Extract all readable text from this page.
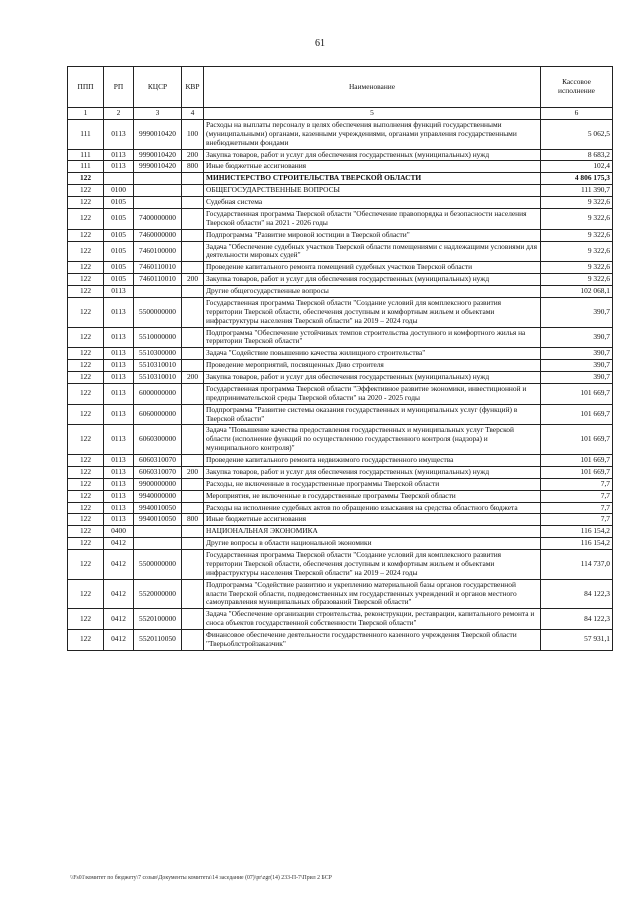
61
ППП	РП	КЦСР	КВР	Наименование	Кассовое исполнение
1	2	3	4	5	6
111	0113	9990010420	100	Расходы на выплаты персоналу в целях обеспечения выполнения функций государственными (муниципальными) органами, казенными учреждениями, органами управления государственными внебюджетными фондами	5 062,5
111	0113	9990010420	200	Закупка товаров, работ и услуг для обеспечения государственных (муниципальных) нужд	8 683,2
111	0113	9990010420	800	Иные бюджетные ассигнования	102,4
122				МИНИСТЕРСТВО СТРОИТЕЛЬСТВА ТВЕРСКОЙ ОБЛАСТИ	4 806 175,3
122	0100			ОБЩЕГОСУДАРСТВЕННЫЕ ВОПРОСЫ	111 390,7
122	0105			Судебная система	9 322,6
122	0105	7400000000		Государственная программа Тверской области "Обеспечение правопорядка и безопасности населения Тверской области" на 2021 - 2026 годы	9 322,6
122	0105	7460000000		Подпрограмма "Развитие мировой юстиции в Тверской области"	9 322,6
122	0105	7460100000		Задача "Обеспечение судебных участков Тверской области помещениями с надлежащими условиями для деятельности мировых судей"	9 322,6
122	0105	7460110010		Проведение капитального ремонта помещений судебных участков Тверской области	9 322,6
122	0105	7460110010	200	Закупка товаров, работ и услуг для обеспечения государственных (муниципальных) нужд	9 322,6
122	0113			Другие общегосударственные вопросы	102 068,1
122	0113	5500000000		Государственная программа Тверской области "Создание условий для комплексного развития территории Тверской области, обеспечения доступным и комфортным жильем и объектами инфраструктуры населения Тверской области" на 2019 – 2024 годы	390,7
122	0113	5510000000		Подпрограмма "Обеспечение устойчивых темпов строительства доступного и комфортного жилья на территории Тверской области"	390,7
122	0113	5510300000		Задача "Содействие повышению качества жилищного строительства"	390,7
122	0113	5510310010		Проведение мероприятий, посвященных Дню строителя	390,7
122	0113	5510310010	200	Закупка товаров, работ и услуг для обеспечения государственных (муниципальных) нужд	390,7
122	0113	6000000000		Государственная программа Тверской области "Эффективное развитие экономики, инвестиционной и предпринимательской среды Тверской области" на 2020 - 2025 годы	101 669,7
122	0113	6060000000		Подпрограмма "Развитие системы оказания государственных и муниципальных услуг (функций) в Тверской области"	101 669,7
122	0113	6060300000		Задача "Повышение качества предоставления государственных и муниципальных услуг Тверской области (исполнение функций по осуществлению государственного контроля (надзора) и муниципального контроля)"	101 669,7
122	0113	6060310070		Проведение капитального ремонта недвижимого государственного имущества	101 669,7
122	0113	6060310070	200	Закупка товаров, работ и услуг для обеспечения государственных (муниципальных) нужд	101 669,7
122	0113	9900000000		Расходы, не включенные в государственные программы Тверской области	7,7
122	0113	9940000000		Мероприятия, не включенные в государственные программы Тверской области	7,7
122	0113	9940010050		Расходы на исполнение судебных актов по обращению взыскания на средства областного бюджета	7,7
122	0113	9940010050	800	Иные бюджетные ассигнования	7,7
122	0400			НАЦИОНАЛЬНАЯ ЭКОНОМИКА	116 154,2
122	0412			Другие вопросы в области национальной экономики	116 154,2
122	0412	5500000000		Государственная программа Тверской области "Создание условий для комплексного развития территории Тверской области, обеспечения доступным и комфортным жильем и объектами инфраструктуры населения Тверской области" на 2019 – 2024 годы	114 737,0
122	0412	5520000000		Подпрограмма "Содействие развитию и укреплению материальной базы органов государственной власти Тверской области, подведомственных им государственных учреждений и органов местного самоуправления муниципальных образований Тверской области"	84 122,3
122	0412	5520100000		Задача "Обеспечение организации строительства, реконструкции, реставрации, капитального ремонта и сноса объектов государственной собственности Тверской области"	84 122,3
122	0412	5520110050		Финансовое обеспечение деятельности государственного казенного учреждения Тверской области "Тверьоблстройзаказчик"	57 931,1
\\Fs01\комитет по бюджету\7 созыв\Документы комитета\14 заседание (07)\pr\zgr(14) 233-П-7\Прил 2 БСР
